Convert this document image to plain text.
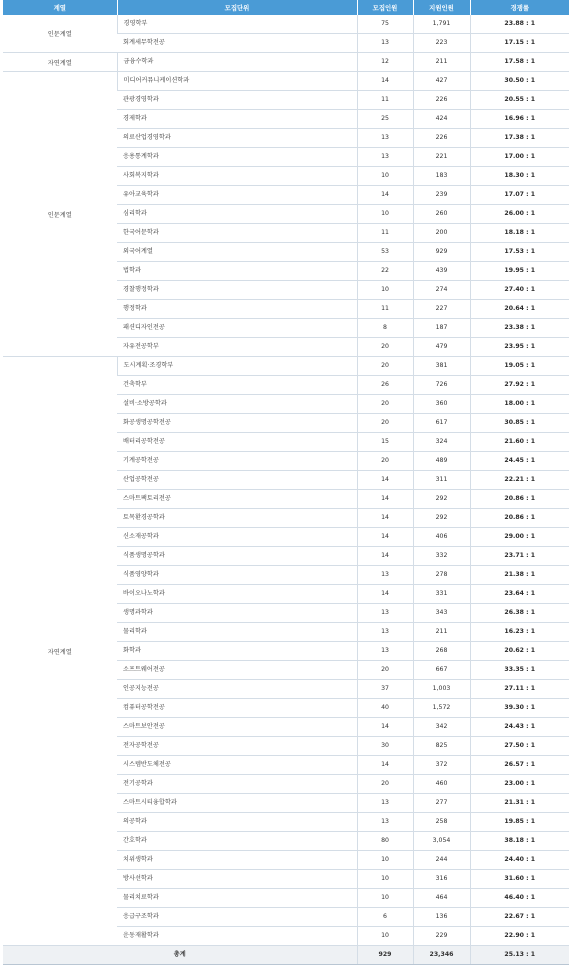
계열	모집단위	모집인원	지원인원	경쟁률
인문계열	경영학부	75	1,791	23.88 : 1
	회계세무학전공	13	223	17.15 : 1
자연계열	금융수학과	12	211	17.58 : 1
인문계열	미디어커뮤니케이션학과	14	427	30.50 : 1
	관광경영학과	11	226	20.55 : 1
	경제학과	25	424	16.96 : 1
	의료산업경영학과	13	226	17.38 : 1
	응용통계학과	13	221	17.00 : 1
	사회복지학과	10	183	18.30 : 1
	유아교육학과	14	239	17.07 : 1
	심리학과	10	260	26.00 : 1
	한국어문학과	11	200	18.18 : 1
	외국어계열	53	929	17.53 : 1
	법학과	22	439	19.95 : 1
	경찰행정학과	10	274	27.40 : 1
	행정학과	11	227	20.64 : 1
	패션디자인전공	8	187	23.38 : 1
	자유전공학부	20	479	23.95 : 1
자연계열	도시계획·조경학부	20	381	19.05 : 1
	건축학부	26	726	27.92 : 1
	설비·소방공학과	20	360	18.00 : 1
	화공생명공학전공	20	617	30.85 : 1
	배터리공학전공	15	324	21.60 : 1
	기계공학전공	20	489	24.45 : 1
	산업공학전공	14	311	22.21 : 1
	스마트팩토리전공	14	292	20.86 : 1
	토목환경공학과	14	292	20.86 : 1
	신소재공학과	14	406	29.00 : 1
	식품생명공학과	14	332	23.71 : 1
	식품영양학과	13	278	21.38 : 1
	바이오나노학과	14	331	23.64 : 1
	생명과학과	13	343	26.38 : 1
	물리학과	13	211	16.23 : 1
	화학과	13	268	20.62 : 1
	소프트웨어전공	20	667	33.35 : 1
	인공지능전공	37	1,003	27.11 : 1
	컴퓨터공학전공	40	1,572	39.30 : 1
	스마트보안전공	14	342	24.43 : 1
	전자공학전공	30	825	27.50 : 1
	시스템반도체전공	14	372	26.57 : 1
	전기공학과	20	460	23.00 : 1
	스마트시티융합학과	13	277	21.31 : 1
	의공학과	13	258	19.85 : 1
	간호학과	80	3,054	38.18 : 1
	치위생학과	10	244	24.40 : 1
	방사선학과	10	316	31.60 : 1
	물리치료학과	10	464	46.40 : 1
	응급구조학과	6	136	22.67 : 1
	운동재활학과	10	229	22.90 : 1
총계		929	23,346	25.13 : 1
